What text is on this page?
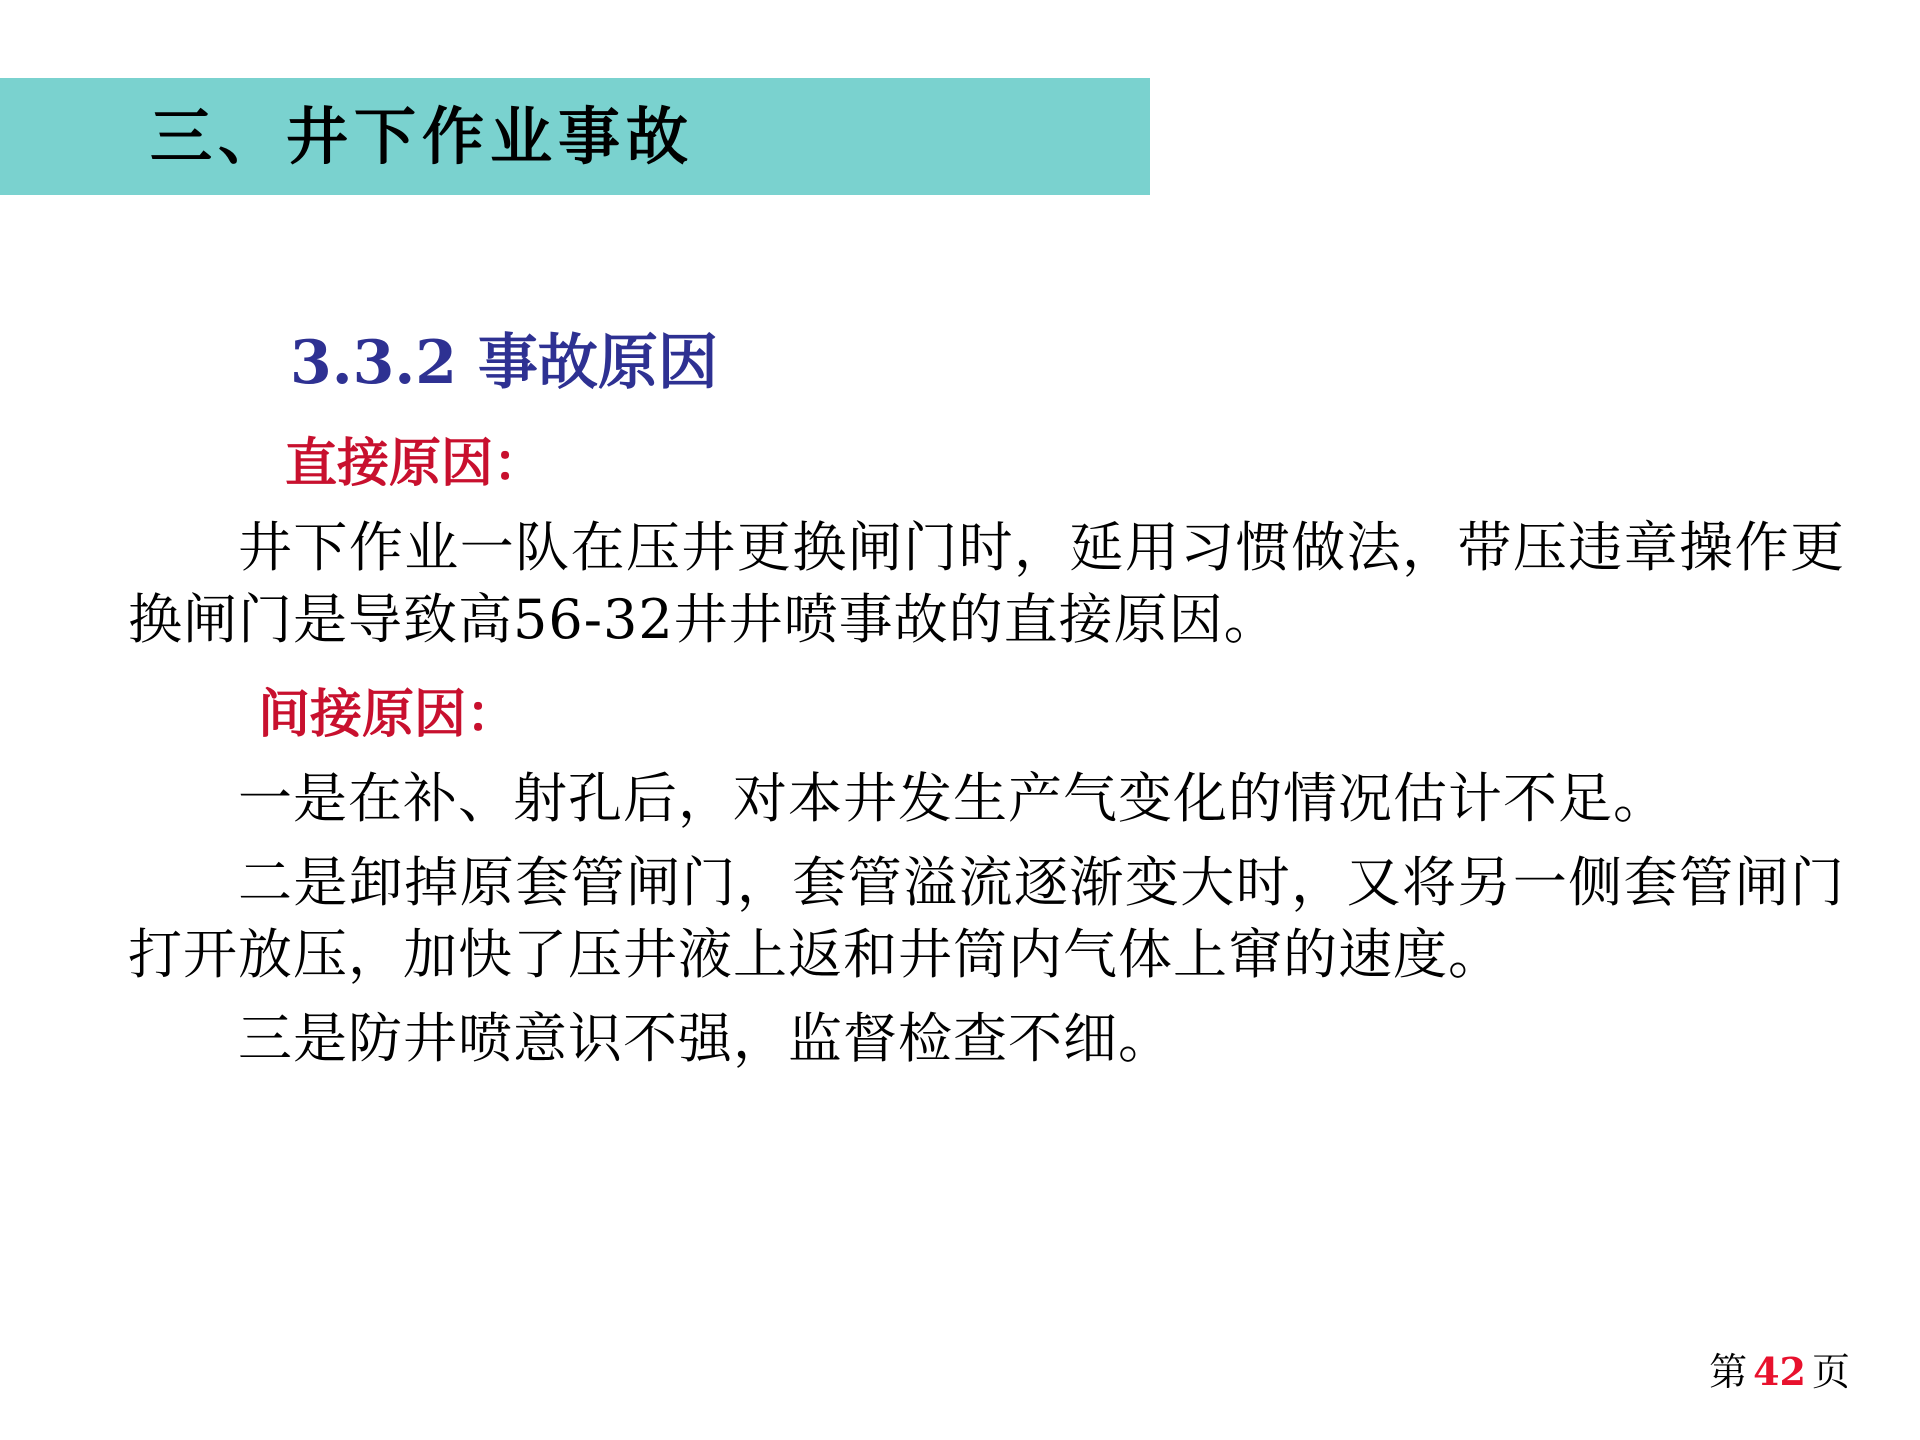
三、井下作业事故
3.3.2 事故原因
直接原因：
井下作业一队在压井更换闸门时，延用习惯做法，带压违章操作更换闸门是导致高56-32井井喷事故的直接原因。
间接原因：
一是在补、射孔后，对本井发生产气变化的情况估计不足。
二是卸掉原套管闸门，套管溢流逐渐变大时，又将另一侧套管闸门打开放压，加快了压井液上返和井筒内气体上窜的速度。
三是防井喷意识不强，监督检查不细。
第 42 页
